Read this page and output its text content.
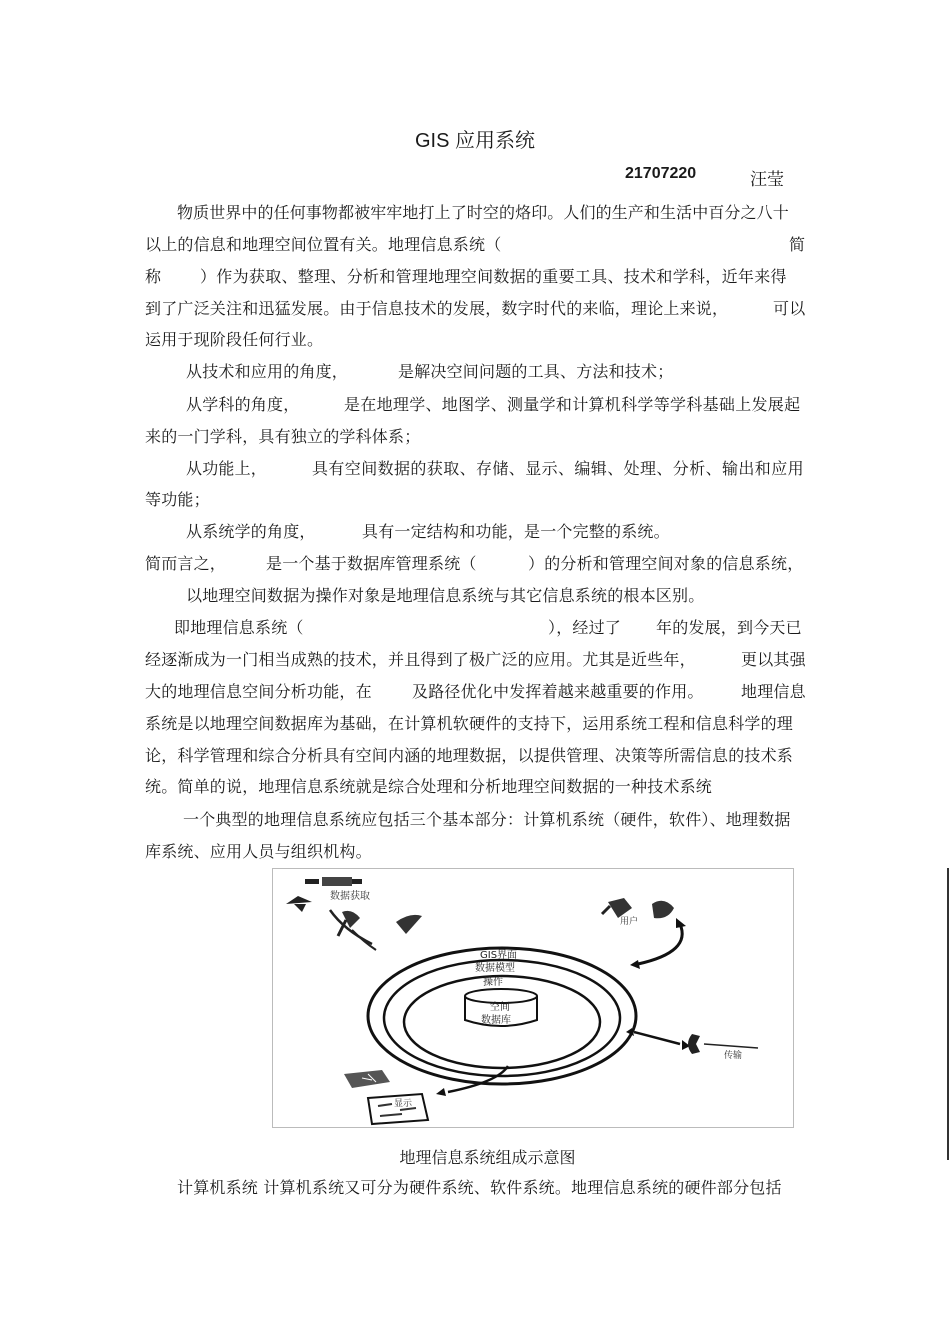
GIS 应用系统
21707220	汪莹
物质世界中的任何事物都被牢牢地打上了时空的烙印。人们的生产和生活中百分之八十
以上的信息和地理空间位置有关。地理信息系统（	简
称 ）作为获取、整理、分析和管理地理空间数据的重要工具、技术和学科，近年来得
到了广泛关注和迅猛发展。由于信息技术的发展，数字时代的来临，理论上来说，	可以
运用于现阶段任何行业。
从技术和应用的角度，	是解决空间问题的工具、方法和技术；
从学科的角度，	是在地理学、地图学、测量学和计算机科学等学科基础上发展起
来的一门学科，具有独立的学科体系；
从功能上，	具有空间数据的获取、存储、显示、编辑、处理、分析、输出和应用
等功能；
从系统学的角度，	具有一定结构和功能，是一个完整的系统。
简而言之， 是一个基于数据库管理系统（	）的分析和管理空间对象的信息系统，
以地理空间数据为操作对象是地理信息系统与其它信息系统的根本区别。
即地理信息系统（	），经过了 年的发展，到今天已
经逐渐成为一门相当成熟的技术，并且得到了极广泛的应用。尤其是近些年，	更以其强
大的地理信息空间分析功能，在	及路径优化中发挥着越来越重要的作用。 地理信息
系统是以地理空间数据库为基础，在计算机软硬件的支持下，运用系统工程和信息科学的理
论，科学管理和综合分析具有空间内涵的地理数据，以提供管理、决策等所需信息的技术系
统。简单的说，地理信息系统就是综合处理和分析地理空间数据的一种技术系统
一个典型的地理信息系统应包括三个基本部分：计算机系统（硬件，软件）、地理数据
库系统、应用人员与组织机构。
数据获取
用户
GIS界面
数据模型
操作
空间
数据库
传输
显示
地理信息系统组成示意图
计算机系统 计算机系统又可分为硬件系统、软件系统。地理信息系统的硬件部分包括
